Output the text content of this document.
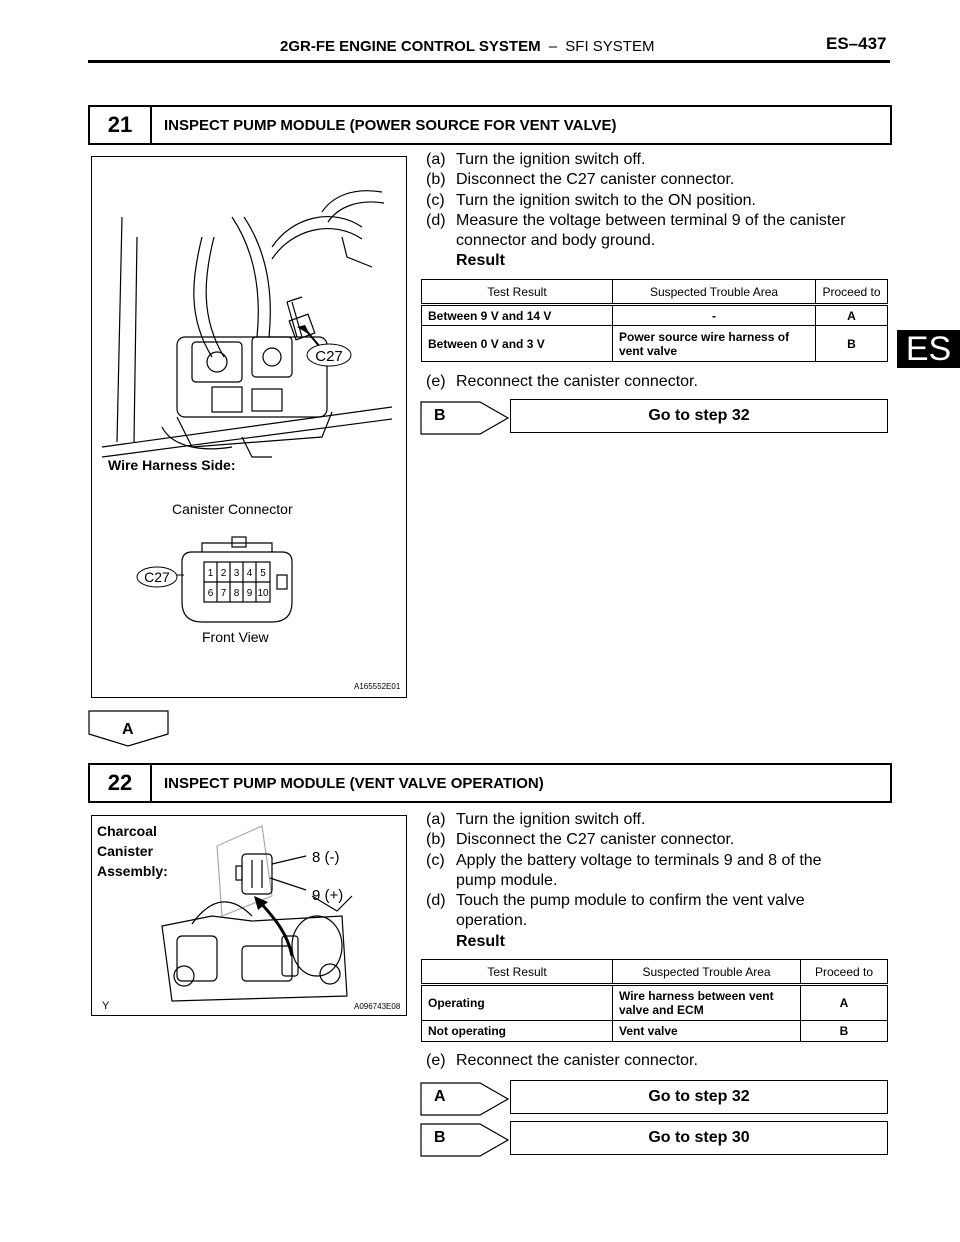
2GR-FE ENGINE CONTROL SYSTEM – SFI SYSTEM	ES–437
ES
21	INSPECT PUMP MODULE (POWER SOURCE FOR VENT VALVE)
C27
Wire Harness Side:
Canister Connector
1 2 3 4 5
6 7 8 9 10
C27
Front View
A165552E01
(a) Turn the ignition switch off.
(b) Disconnect the C27 canister connector.
(c) Turn the ignition switch to the ON position.
(d) Measure the voltage between terminal 9 of the canister
connector and body ground.
Result
Test Result	Suspected Trouble Area	Proceed to
Between 9 V and 14 V	-	A
Between 0 V and 3 V	Power source wire harness of vent valve	B
(e) Reconnect the canister connector.
B	Go to step 32
A
22	INSPECT PUMP MODULE (VENT VALVE OPERATION)
Charcoal
Canister
Assembly:
8 (-)
9 (+)
Y	A096743E08
(a) Turn the ignition switch off.
(b) Disconnect the C27 canister connector.
(c) Apply the battery voltage to terminals 9 and 8 of the
pump module.
(d) Touch the pump module to confirm the vent valve
operation.
Result
Test Result	Suspected Trouble Area	Proceed to
Operating	Wire harness between vent valve and ECM	A
Not operating	Vent valve	B
(e) Reconnect the canister connector.
A	Go to step 32
B	Go to step 30
